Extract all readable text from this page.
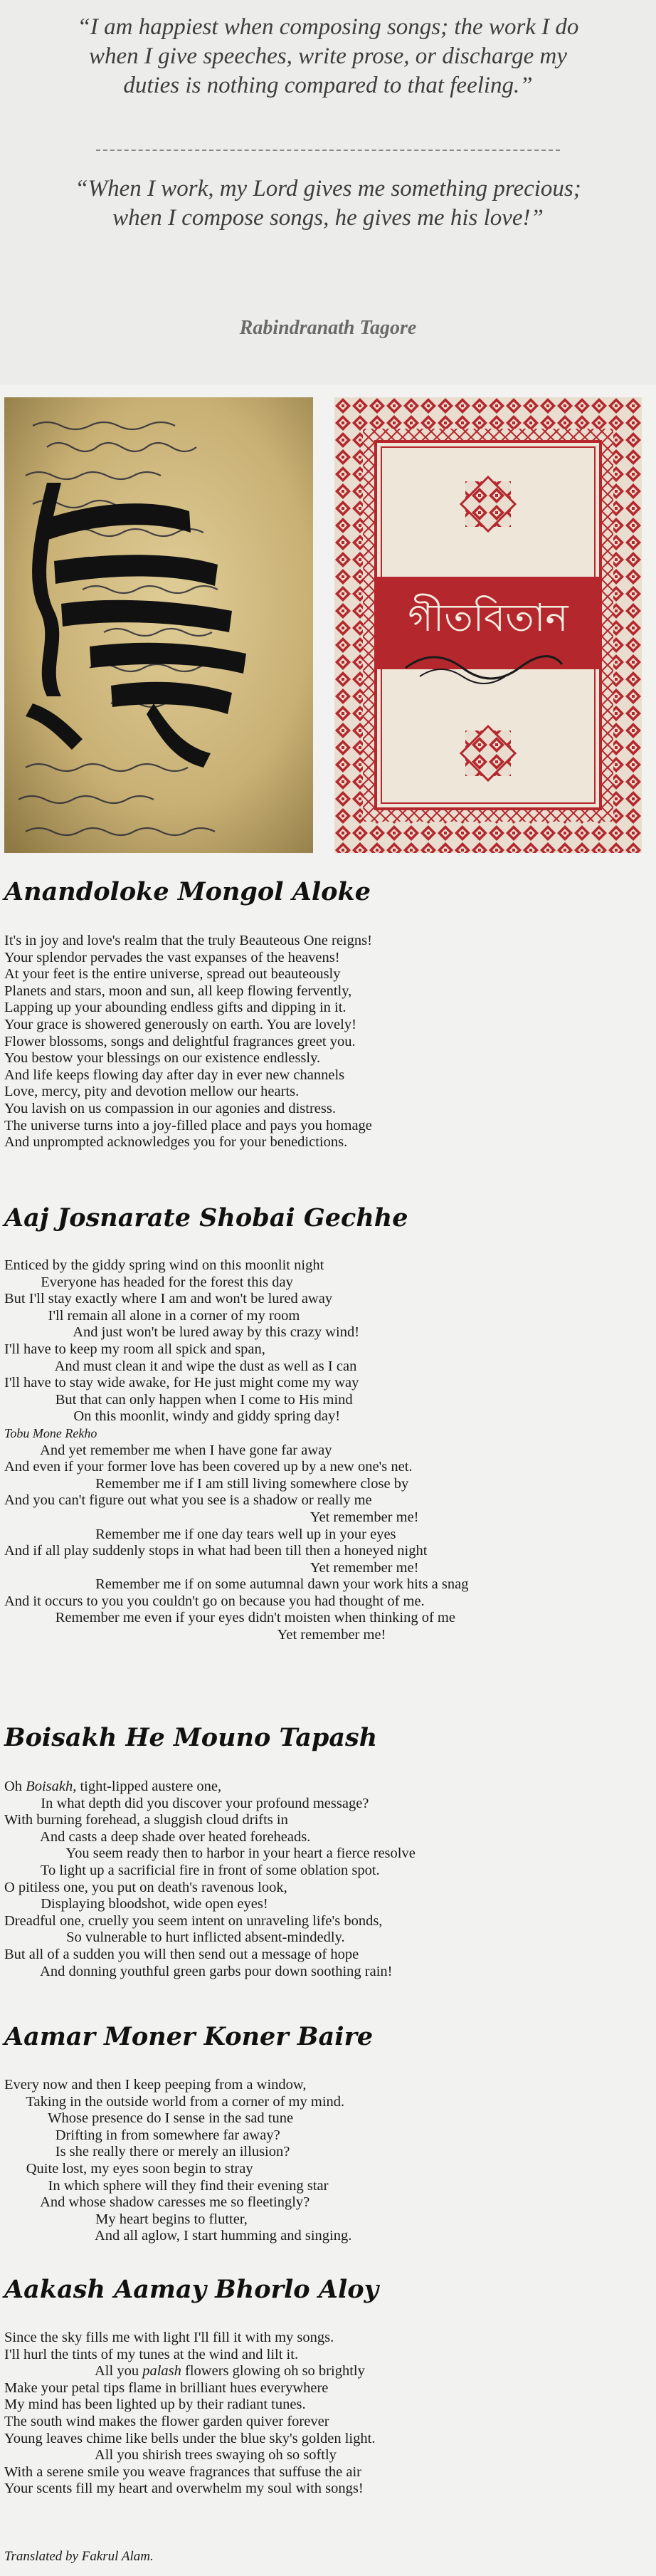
“I am happiest when composing songs; the work I do when I give speeches, write prose, or discharge my duties is nothing compared to that feeling.”
“When I work, my Lord gives me something precious; when I compose songs, he gives me his love!”
Rabindranath Tagore
গীতবিতান
Anandoloke Mongol Aloke
It's in joy and love's realm that the truly Beauteous One reigns!
Your splendor pervades the vast expanses of the heavens!
At your feet is the entire universe, spread out beauteously
Planets and stars, moon and sun, all keep flowing fervently,
Lapping up your abounding endless gifts and dipping in it.
Your grace is showered generously on earth. You are lovely!
Flower blossoms, songs and delightful fragrances greet you.
You bestow your blessings on our existence endlessly.
And life keeps flowing day after day in ever new channels
Love, mercy, pity and devotion mellow our hearts.
You lavish on us compassion in our agonies and distress.
The universe turns into a joy-filled place and pays you homage
And unprompted acknowledges you for your benedictions.
Aaj Josnarate Shobai Gechhe
Enticed by the giddy spring wind on this moonlit night
Everyone has headed for the forest this day
But I'll stay exactly where I am and won't be lured away
I'll remain all alone in a corner of my room
And just won't be lured away by this crazy wind!
I'll have to keep my room all spick and span,
And must clean it and wipe the dust as well as I can
I'll have to stay wide awake, for He just might come my way
But that can only happen when I come to His mind
On this moonlit, windy and giddy spring day!
Tobu Mone Rekho
And yet remember me when I have gone far away
And even if your former love has been covered up by a new one's net.
Remember me if I am still living somewhere close by
And you can't figure out what you see is a shadow or really me
Yet remember me!
Remember me if one day tears well up in your eyes
And if all play suddenly stops in what had been till then a honeyed night
Yet remember me!
Remember me if on some autumnal dawn your work hits a snag
And it occurs to you you couldn't go on because you had thought of me.
Remember me even if your eyes didn't moisten when thinking of me
Yet remember me!
Boisakh He Mouno Tapash
Oh Boisakh, tight-lipped austere one,
In what depth did you discover your profound message?
With burning forehead, a sluggish cloud drifts in
And casts a deep shade over heated foreheads.
You seem ready then to harbor in your heart a fierce resolve
To light up a sacrificial fire in front of some oblation spot.
O pitiless one, you put on death's ravenous look,
Displaying bloodshot, wide open eyes!
Dreadful one, cruelly you seem intent on unraveling life's bonds,
So vulnerable to hurt inflicted absent-mindedly.
But all of a sudden you will then send out a message of hope
And donning youthful green garbs pour down soothing rain!
Aamar Moner Koner Baire
Every now and then I keep peeping from a window,
Taking in the outside world from a corner of my mind.
Whose presence do I sense in the sad tune
Drifting in from somewhere far away?
Is she really there or merely an illusion?
Quite lost, my eyes soon begin to stray
In which sphere will they find their evening star
And whose shadow caresses me so fleetingly?
My heart begins to flutter,
And all aglow, I start humming and singing.
Aakash Aamay Bhorlo Aloy
Since the sky fills me with light I'll fill it with my songs.
I'll hurl the tints of my tunes at the wind and lilt it.
All you palash flowers glowing oh so brightly
Make your petal tips flame in brilliant hues everywhere
My mind has been lighted up by their radiant tunes.
The south wind makes the flower garden quiver forever
Young leaves chime like bells under the blue sky's golden light.
All you shirish trees swaying oh so softly
With a serene smile you weave fragrances that suffuse the air
Your scents fill my heart and overwhelm my soul with songs!
Translated by Fakrul Alam.
